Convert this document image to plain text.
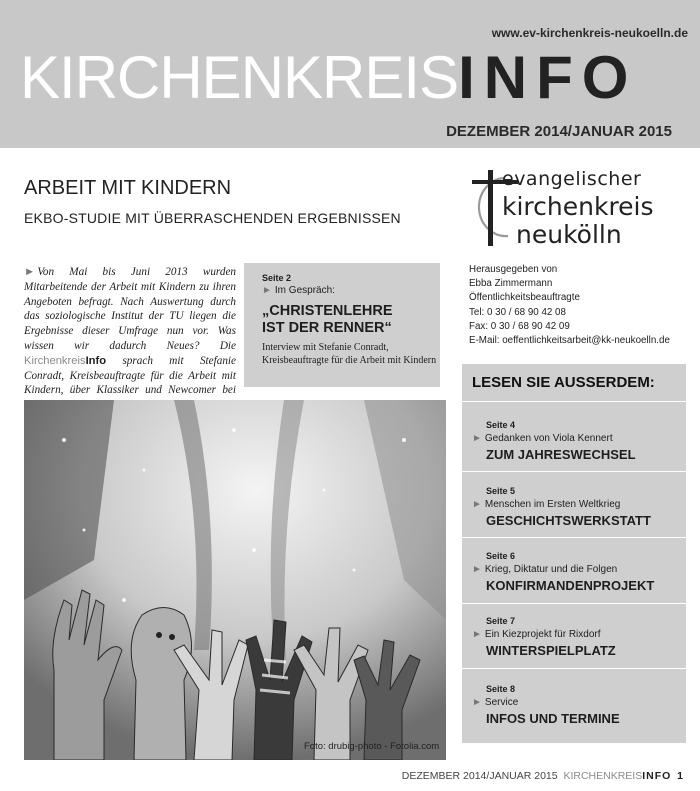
www.ev-kirchenkreis-neukoelln.de
KIRCHENKREISINFO
DEZEMBER 2014/JANUAR 2015
ARBEIT MIT KINDERN
EKBO-STUDIE MIT ÜBERRASCHENDEN ERGEBNISSEN
► Von Mai bis Juni 2013 wurden Mitarbeitende der Arbeit mit Kindern zu ihren Angeboten befragt. Nach Auswertung durch das soziologische Institut der TU liegen die Ergebnisse dieser Umfrage nun vor. Was wissen wir dadurch Neues? Die KirchenkreisInfo sprach mit Stefanie Conradt, Kreisbeauftragte für die Arbeit mit Kindern, über Klassiker und Newcomer bei
Seite 2
► Im Gespräch:
„CHRISTENLEHRE
IST DER RENNER“
Interview mit Stefanie Conradt, Kreisbeauftragte für die Arbeit mit Kindern
evangelischer
kirchenkreis
neukölln
Herausgegeben von
Ebba Zimmermann
Öffentlichkeitsbeauftragte
Tel: 0 30 / 68 90 42 08
Fax: 0 30 / 68 90 42 09
E-Mail: oeffentlichkeitsarbeit@kk-neukoelln.de
LESEN SIE AUSSERDEM:
Seite 4
► Gedanken von Viola Kennert
ZUM JAHRESWECHSEL
Seite 5
► Menschen im Ersten Weltkrieg
GESCHICHTSWERKSTATT
Seite 6
► Krieg, Diktatur und die Folgen
KONFIRMANDENPROJEKT
Seite 7
► Ein Kiezprojekt für Rixdorf
WINTERSPIELPLATZ
Seite 8
► Service
INFOS UND TERMINE
Foto: drubig-photo - Fotolia.com
DEZEMBER 2014/JANUAR 2015 KIRCHENKREISINFO 1
